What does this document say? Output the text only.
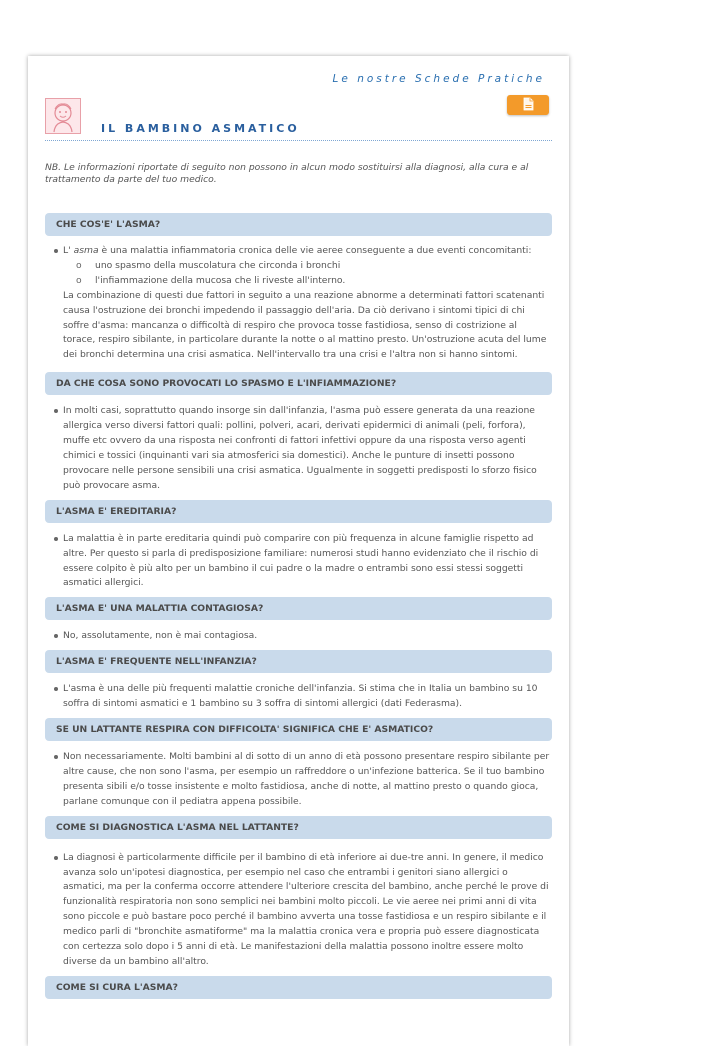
Le nostre Schede Pratiche
IL BAMBINO ASMATICO
NB. Le informazioni riportate di seguito non possono in alcun modo sostituirsi alla diagnosi, alla cura e al trattamento da parte del tuo medico.
CHE COS'E' L'ASMA?
L' asma è una malattia infiammatoria cronica delle vie aeree conseguente a due eventi concomitanti:
o uno spasmo della muscolatura che circonda i bronchi
o l'infiammazione della mucosa che li riveste all'interno.
La combinazione di questi due fattori in seguito a una reazione abnorme a determinati fattori scatenanti causa l'ostruzione dei bronchi impedendo il passaggio dell'aria. Da ciò derivano i sintomi tipici di chi soffre d'asma: mancanza o difficoltà di respiro che provoca tosse fastidiosa, senso di costrizione al torace, respiro sibilante, in particolare durante la notte o al mattino presto. Un'ostruzione acuta del lume dei bronchi determina una crisi asmatica. Nell'intervallo tra una crisi e l'altra non si hanno sintomi.
DA CHE COSA SONO PROVOCATI LO SPASMO E L'INFIAMMAZIONE?
In molti casi, soprattutto quando insorge sin dall'infanzia, l'asma può essere generata da una reazione allergica verso diversi fattori quali: pollini, polveri, acari, derivati epidermici di animali (peli, forfora), muffe etc ovvero da una risposta nei confronti di fattori infettivi oppure da una risposta verso agenti chimici e tossici (inquinanti vari sia atmosferici sia domestici). Anche le punture di insetti possono provocare nelle persone sensibili una crisi asmatica. Ugualmente in soggetti predisposti lo sforzo fisico può provocare asma.
L'ASMA E' EREDITARIA?
La malattia è in parte ereditaria quindi può comparire con più frequenza in alcune famiglie rispetto ad altre. Per questo si parla di predisposizione familiare: numerosi studi hanno evidenziato che il rischio di essere colpito è più alto per un bambino il cui padre o la madre o entrambi sono essi stessi soggetti asmatici allergici.
L'ASMA E' UNA MALATTIA CONTAGIOSA?
No, assolutamente, non è mai contagiosa.
L'ASMA E' FREQUENTE NELL'INFANZIA?
L'asma è una delle più frequenti malattie croniche dell'infanzia. Si stima che in Italia un bambino su 10 soffra di sintomi asmatici e 1 bambino su 3 soffra di sintomi allergici (dati Federasma).
SE UN LATTANTE RESPIRA CON DIFFICOLTA' SIGNIFICA CHE E' ASMATICO?
Non necessariamente. Molti bambini al di sotto di un anno di età possono presentare respiro sibilante per altre cause, che non sono l'asma, per esempio un raffreddore o un'infezione batterica. Se il tuo bambino presenta sibili e/o tosse insistente e molto fastidiosa, anche di notte, al mattino presto o quando gioca, parlane comunque con il pediatra appena possibile.
COME SI DIAGNOSTICA L'ASMA NEL LATTANTE?
La diagnosi è particolarmente difficile per il bambino di età inferiore ai due-tre anni. In genere, il medico avanza solo un'ipotesi diagnostica, per esempio nel caso che entrambi i genitori siano allergici o asmatici, ma per la conferma occorre attendere l'ulteriore crescita del bambino, anche perché le prove di funzionalità respiratoria non sono semplici nei bambini molto piccoli. Le vie aeree nei primi anni di vita sono piccole e può bastare poco perché il bambino avverta una tosse fastidiosa e un respiro sibilante e il medico parli di "bronchite asmatiforme" ma la malattia cronica vera e propria può essere diagnosticata con certezza solo dopo i 5 anni di età. Le manifestazioni della malattia possono inoltre essere molto diverse da un bambino all'altro.
COME SI CURA L'ASMA?
